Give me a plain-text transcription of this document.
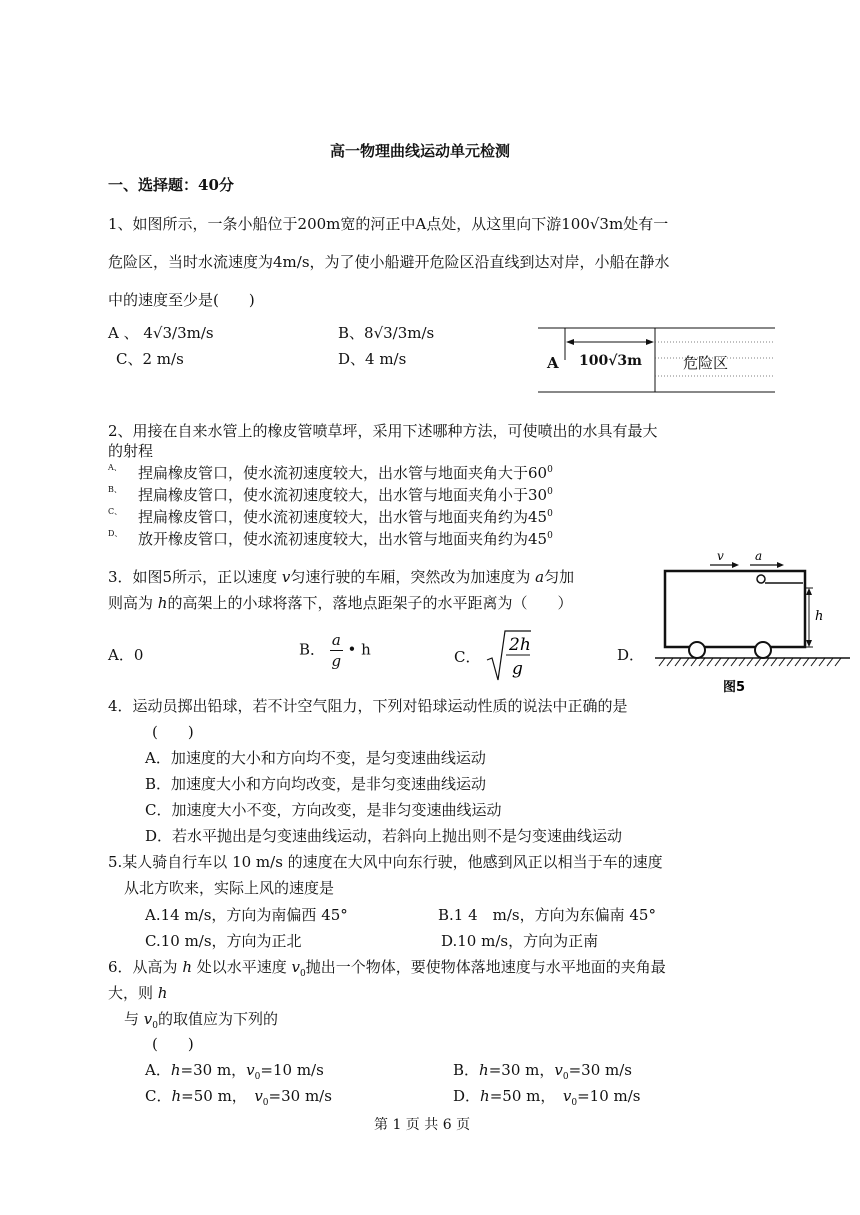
高一物理曲线运动单元检测
一、选择题：40分
1、如图所示，一条小船位于200m宽的河正中A点处，从这里向下游100√3m处有一
危险区，当时水流速度为4m/s，为了使小船避开危险区沿直线到达对岸，小船在静水
中的速度至少是(　　)
A 、 4√3/3m/s	B、8√3/3m/s
C、2 m/s	D、4 m/s	A 100√3m	危险区
2、用接在自来水管上的橡皮管喷草坪，采用下述哪种方法，可使喷出的水具有最大
的射程
A、 捏扁橡皮管口，使水流初速度较大，出水管与地面夹角大于$60^0$
B、 捏扁橡皮管口，使水流初速度较大，出水管与地面夹角小于$30^0$
C、 捏扁橡皮管口，使水流初速度较大，出水管与地面夹角约为$45^0$
D、 放开橡皮管口，使水流初速度较大，出水管与地面夹角约为$45^0$
3．如图5所示，正以速度 v匀速行驶的车厢，突然改为加速度为 a匀加
则高为 h的高架上的小球将落下，落地点距架子的水平距离为（　　）
A．0	B． $\frac{a}{g}$ • h	C．
2h
g
D．
v	a
h
图5
4．运动员掷出铅球，若不计空气阻力，下列对铅球运动性质的说法中正确的是
(　　)
A．加速度的大小和方向均不变，是匀变速曲线运动
B．加速度大小和方向均改变，是非匀变速曲线运动
C．加速度大小不变，方向改变，是非匀变速曲线运动
D．若水平抛出是匀变速曲线运动，若斜向上抛出则不是匀变速曲线运动
5.某人骑自行车以 10 m/s 的速度在大风中向东行驶，他感到风正以相当于车的速度
从北方吹来，实际上风的速度是
A.14 m/s，方向为南偏西 45°	B.1 4　m/s，方向为东偏南 45°
C.10 m/s，方向为正北	D.10 m/s，方向为正南
6．从高为 h 处以水平速度 $v_0$抛出一个物体，要使物体落地速度与水平地面的夹角最
大，则 h
与 $v_0$的取值应为下列的
(　　)
A．h=30 m，$v_0=10$ m/s	B．h=30 m，$v_0=30$ m/s
C．h=50 m，　$v_0=30$ m/s	D．h=50 m，　$v_0=10$ m/s
第 1 页 共 6 页
